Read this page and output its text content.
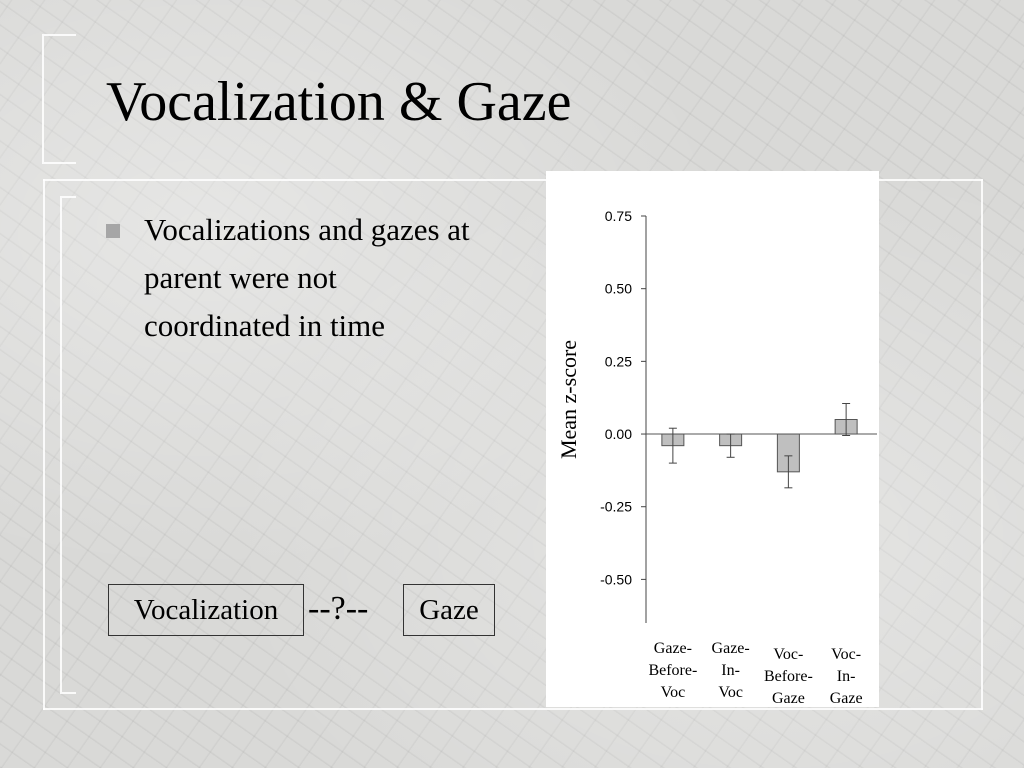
Vocalization & Gaze
Vocalizations and gazes at parent were not coordinated in time
Vocalization --?--	Gaze
0.75
0.50
0.25
0.00
-0.25
-0.50
Mean z-score
Gaze-Before-Voc
Gaze-In-Voc
Voc-Before-Gaze
Voc-In-Gaze
